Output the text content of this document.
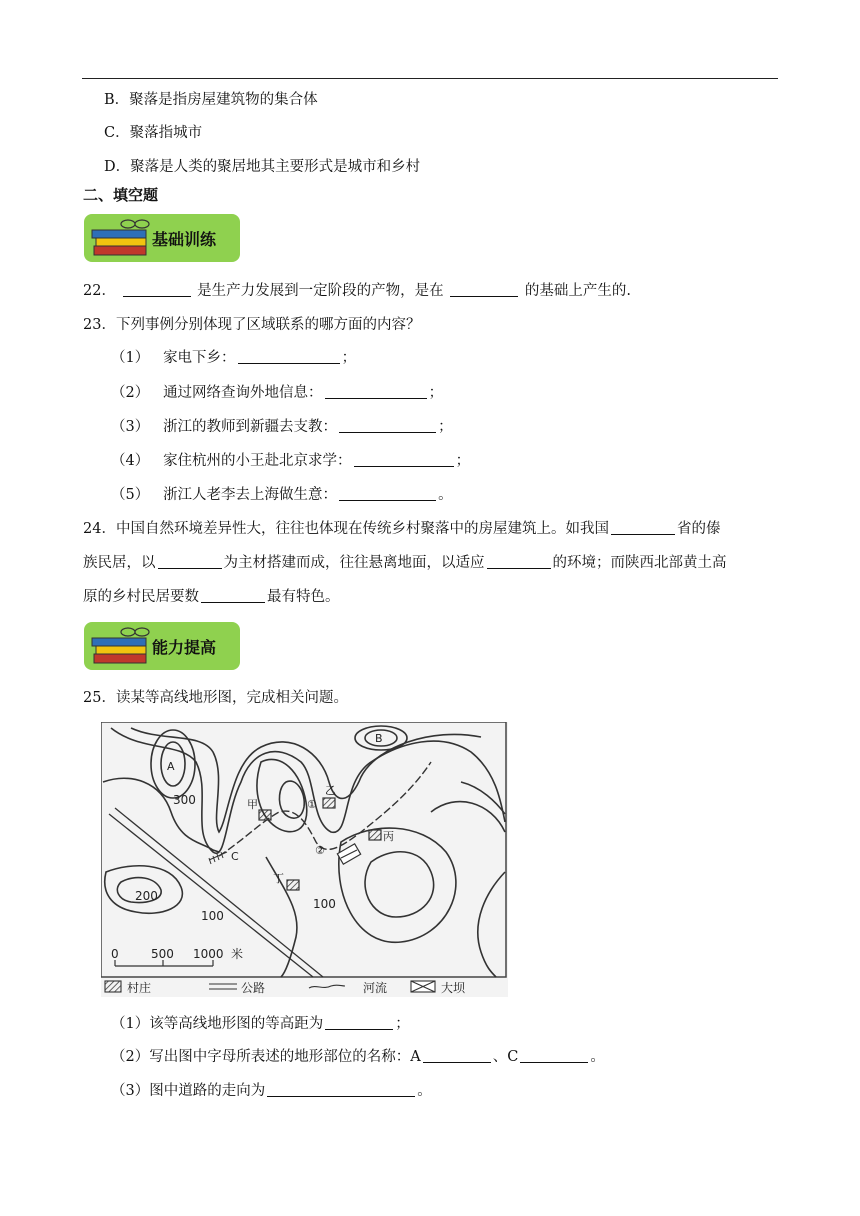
B．聚落是指房屋建筑物的集合体
C．聚落指城市
D．聚落是人类的聚居地其主要形式是城市和乡村
二、填空题
基础训练
22．	是生产力发展到一定阶段的产物，是在	的基础上产生的.
23．下列事例分别体现了区域联系的哪方面的内容？
（1） 家电下乡：	；
（2） 通过网络查询外地信息：	；
（3） 浙江的教师到新疆去支教：	；
（4） 家住杭州的小王赴北京求学：	；
（5） 浙江人老李去上海做生意：	。
24．中国自然环境差异性大，往往也体现在传统乡村聚落中的房屋建筑上。如我国	省的傣
族民居，以	为主材搭建而成，往往悬离地面，以适应	的环境；而陕西北部黄土高
原的乡村民居要数	最有特色。
能力提高
25．读某等高线地形图，完成相关问题。
A
B
C
甲
乙
丙
丁
①
②
300
200
100
100
0	500 1000 米
村庄	公路	河流	大坝
（1）该等高线地形图的等高距为	；
（2）写出图中字母所表述的地形部位的名称：A	、C	。
（3）图中道路的走向为	。
